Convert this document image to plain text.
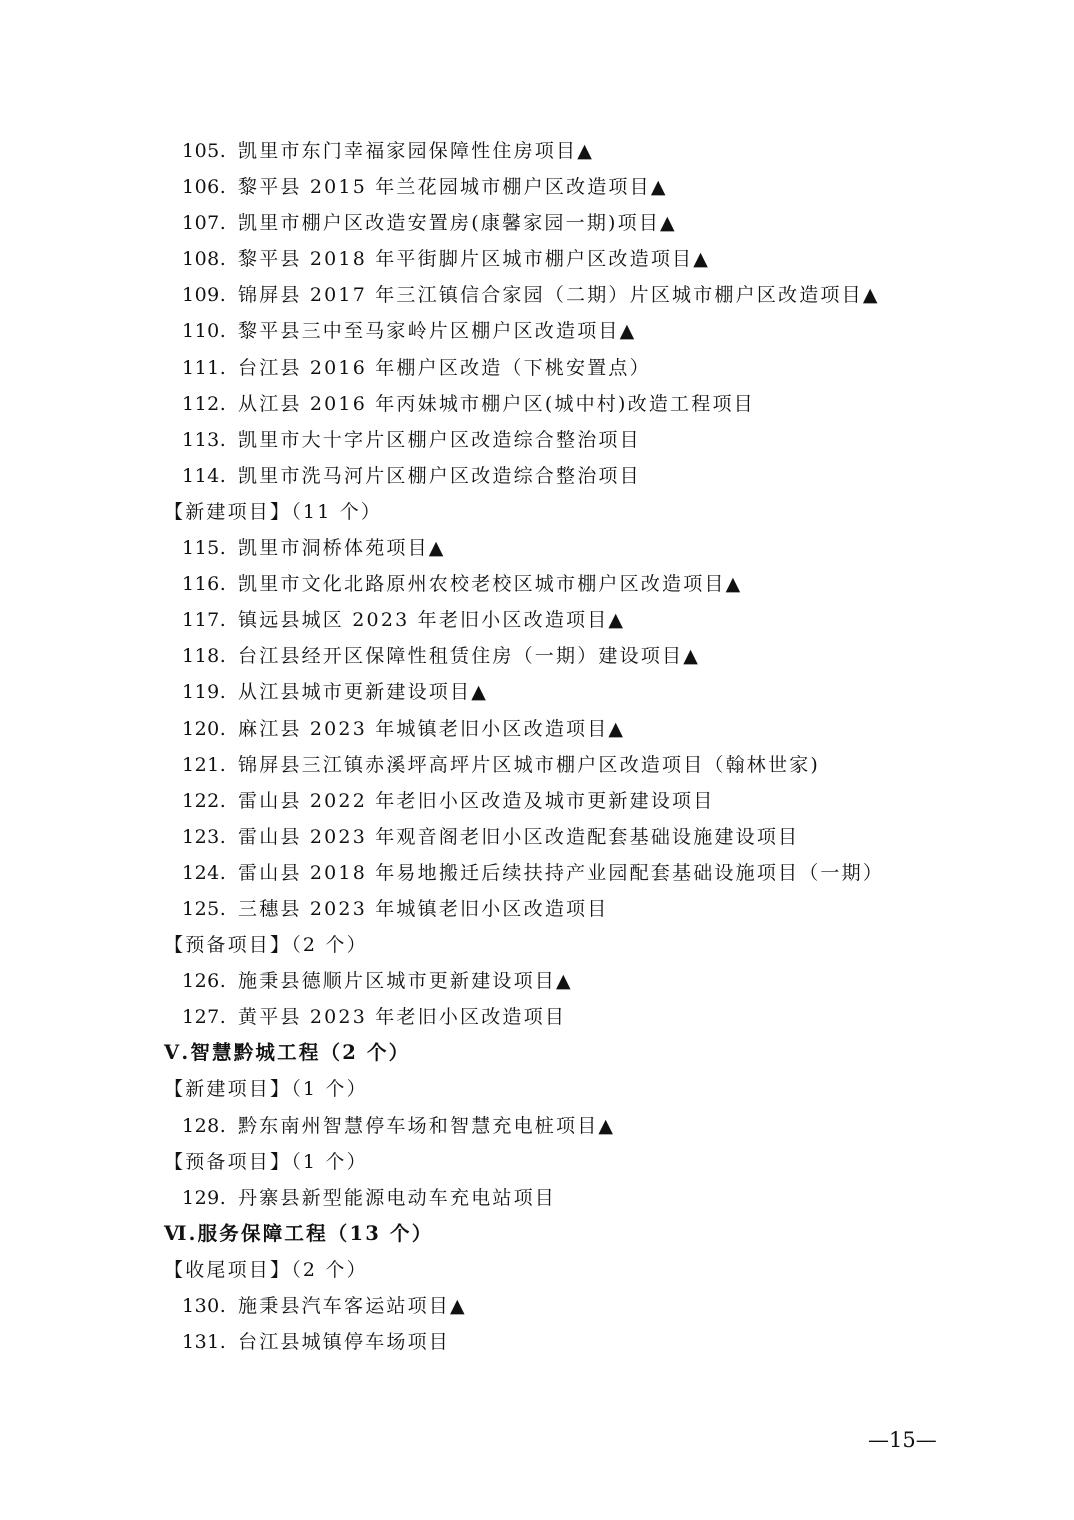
105. 凯里市东门幸福家园保障性住房项目▲
106. 黎平县 2015 年兰花园城市棚户区改造项目▲
107. 凯里市棚户区改造安置房(康馨家园一期)项目▲
108. 黎平县 2018 年平街脚片区城市棚户区改造项目▲
109. 锦屏县 2017 年三江镇信合家园（二期）片区城市棚户区改造项目▲
110. 黎平县三中至马家岭片区棚户区改造项目▲
111. 台江县 2016 年棚户区改造（下桃安置点）
112. 从江县 2016 年丙妹城市棚户区(城中村)改造工程项目
113. 凯里市大十字片区棚户区改造综合整治项目
114. 凯里市洗马河片区棚户区改造综合整治项目
【新建项目】（11 个）
115. 凯里市洞桥体苑项目▲
116. 凯里市文化北路原州农校老校区城市棚户区改造项目▲
117. 镇远县城区 2023 年老旧小区改造项目▲
118. 台江县经开区保障性租赁住房（一期）建设项目▲
119. 从江县城市更新建设项目▲
120. 麻江县 2023 年城镇老旧小区改造项目▲
121. 锦屏县三江镇赤溪坪高坪片区城市棚户区改造项目（翰林世家)
122. 雷山县 2022 年老旧小区改造及城市更新建设项目
123. 雷山县 2023 年观音阁老旧小区改造配套基础设施建设项目
124. 雷山县 2018 年易地搬迁后续扶持产业园配套基础设施项目（一期）
125. 三穗县 2023 年城镇老旧小区改造项目
【预备项目】（2 个）
126. 施秉县德顺片区城市更新建设项目▲
127. 黄平县 2023 年老旧小区改造项目
Ⅴ.智慧黔城工程（2 个）
【新建项目】（1 个）
128. 黔东南州智慧停车场和智慧充电桩项目▲
【预备项目】（1 个）
129. 丹寨县新型能源电动车充电站项目
Ⅵ.服务保障工程（13 个）
【收尾项目】（2 个）
130. 施秉县汽车客运站项目▲
131. 台江县城镇停车场项目
—15—
